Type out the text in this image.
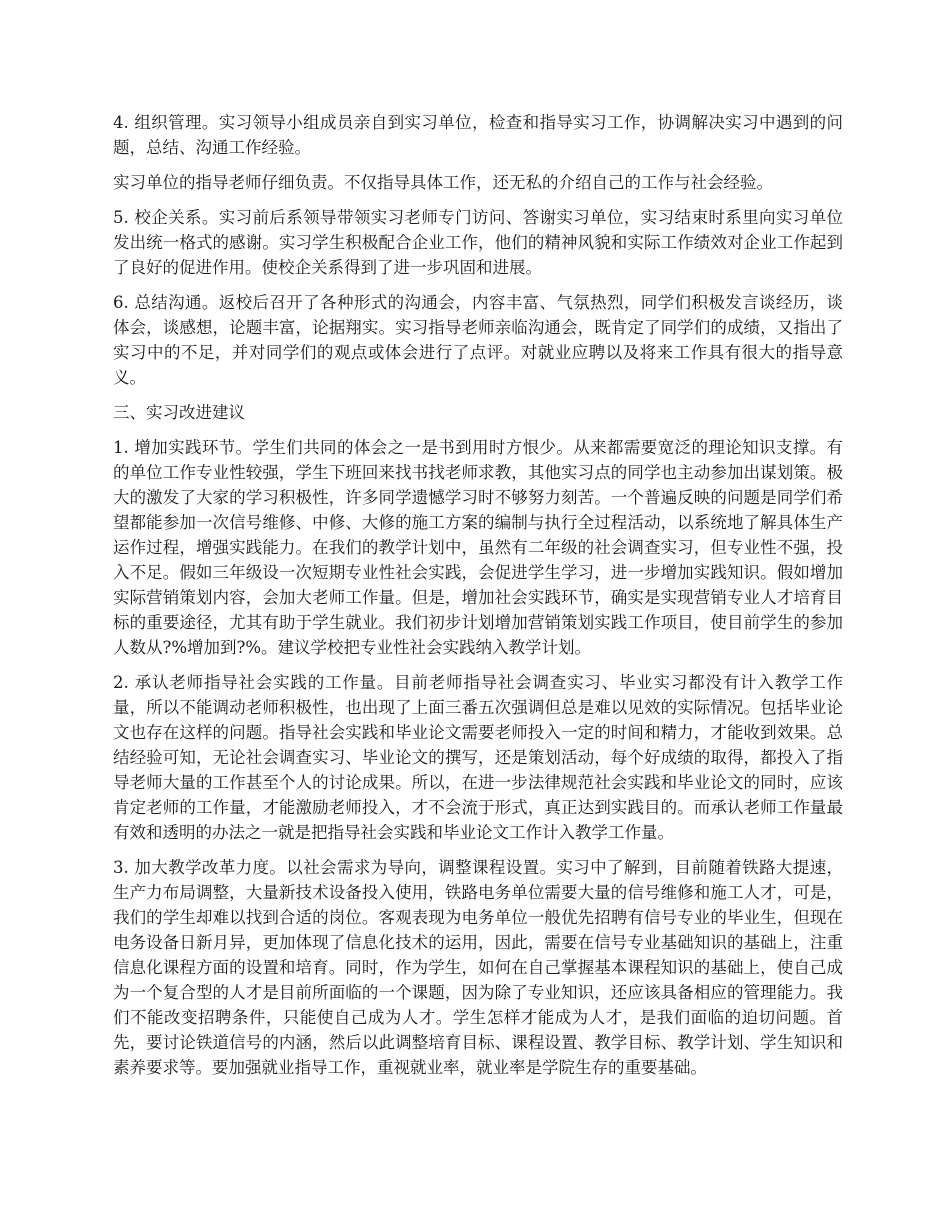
4. 组织管理。实习领导小组成员亲自到实习单位，检查和指导实习工作，协调解决实习中遇到的问题，总结、沟通工作经验。

实习单位的指导老师仔细负责。不仅指导具体工作，还无私的介绍自己的工作与社会经验。

5. 校企关系。实习前后系领导带领实习老师专门访问、答谢实习单位，实习结束时系里向实习单位发出统一格式的感谢。实习学生积极配合企业工作，他们的精神风貌和实际工作绩效对企业工作起到了良好的促进作用。使校企关系得到了进一步巩固和进展。

6. 总结沟通。返校后召开了各种形式的沟通会，内容丰富、气氛热烈，同学们积极发言谈经历，谈体会，谈感想，论题丰富，论据翔实。实习指导老师亲临沟通会，既肯定了同学们的成绩，又指出了实习中的不足，并对同学们的观点或体会进行了点评。对就业应聘以及将来工作具有很大的指导意义。

三、实习改进建议

1. 增加实践环节。学生们共同的体会之一是书到用时方恨少。从来都需要宽泛的理论知识支撑。有的单位工作专业性较强，学生下班回来找书找老师求教，其他实习点的同学也主动参加出谋划策。极大的激发了大家的学习积极性，许多同学遗憾学习时不够努力刻苦。一个普遍反映的问题是同学们希望都能参加一次信号维修、中修、大修的施工方案的编制与执行全过程活动，以系统地了解具体生产运作过程，增强实践能力。在我们的教学计划中，虽然有二年级的社会调查实习，但专业性不强，投入不足。假如三年级设一次短期专业性社会实践，会促进学生学习，进一步增加实践知识。假如增加实际营销策划内容，会加大老师工作量。但是，增加社会实践环节，确实是实现营销专业人才培育目标的重要途径，尤其有助于学生就业。我们初步计划增加营销策划实践工作项目，使目前学生的参加人数从?%增加到?%。建议学校把专业性社会实践纳入教学计划。

2. 承认老师指导社会实践的工作量。目前老师指导社会调查实习、毕业实习都没有计入教学工作量，所以不能调动老师积极性，也出现了上面三番五次强调但总是难以见效的实际情况。包括毕业论文也存在这样的问题。指导社会实践和毕业论文需要老师投入一定的时间和精力，才能收到效果。总结经验可知，无论社会调查实习、毕业论文的撰写，还是策划活动，每个好成绩的取得，都投入了指导老师大量的工作甚至个人的讨论成果。所以，在进一步法律规范社会实践和毕业论文的同时，应该肯定老师的工作量，才能激励老师投入，才不会流于形式，真正达到实践目的。而承认老师工作量最有效和透明的办法之一就是把指导社会实践和毕业论文工作计入教学工作量。

3. 加大教学改革力度。以社会需求为导向，调整课程设置。实习中了解到，目前随着铁路大提速，生产力布局调整，大量新技术设备投入使用，铁路电务单位需要大量的信号维修和施工人才，可是，我们的学生却难以找到合适的岗位。客观表现为电务单位一般优先招聘有信号专业的毕业生，但现在电务设备日新月异，更加体现了信息化技术的运用，因此，需要在信号专业基础知识的基础上，注重信息化课程方面的设置和培育。同时，作为学生，如何在自己掌握基本课程知识的基础上，使自己成为一个复合型的人才是目前所面临的一个课题，因为除了专业知识，还应该具备相应的管理能力。我们不能改变招聘条件，只能使自己成为人才。学生怎样才能成为人才，是我们面临的迫切问题。首先，要讨论铁道信号的内涵，然后以此调整培育目标、课程设置、教学目标、教学计划、学生知识和素养要求等。要加强就业指导工作，重视就业率，就业率是学院生存的重要基础。
